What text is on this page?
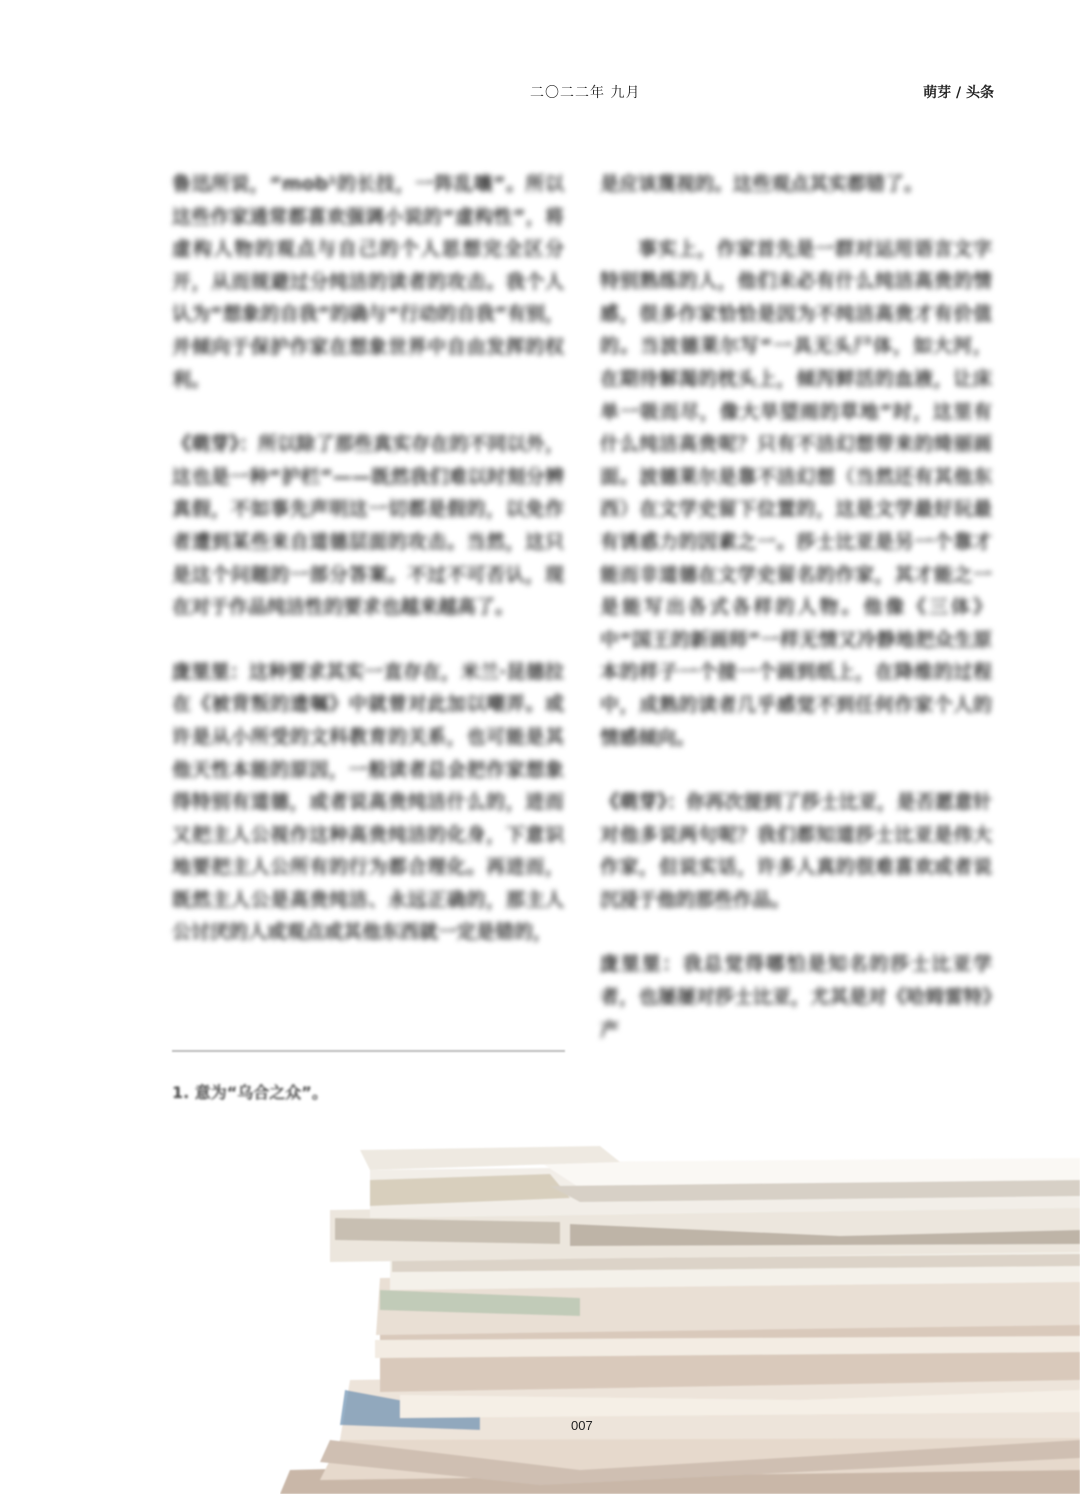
二〇二二年 九月	萌芽 / 头条

鲁迅所说，“mob¹的长技，一阵乱嚷”。所以这些作家通常都喜欢强调小说的“虚构性”，将虚构人物的观点与自己的个人思想完全区分开，从而规避过分纯洁的读者的攻击。我个人认为“想象的自我”的确与“行动的自我”有别，并倾向于保护作家在想象世界中自由发挥的权利。

《萌芽》：所以除了那些真实存在的不同以外，这也是一种“护栏”——既然我们难以时刻分辨真假，不如事先声明这一切都是假的，以免作者遭到某些来自道德层面的攻击。当然，这只是这个问题的一部分答案。不过不可否认，现在对于作品纯洁性的要求也越来越高了。

庞里里：这种要求其实一直存在，米兰·昆德拉在《被背叛的遗嘱》中就曾对此加以嘲弄。或许是从小所受的文科教育的关系，也可能是其他天性本能的原因，一般读者总会把作家想象得特别有道德，或者说高贵纯洁什么的，进而又把主人公视作这种高贵纯洁的化身，下意识地要把主人公所有的行为都合理化。再进而，既然主人公是高贵纯洁、永远正确的，那主人公讨厌的人或观点或其他东西就一定是错的，

是应该蔑视的。这些观点其实都错了。

事实上，作家首先是一群对运用语言文字特别熟练的人，他们未必有什么纯洁高贵的情感，很多作家恰恰是因为不纯洁高贵才有价值的。当波德莱尔写“一具无头尸体，如大河，在期待解渴的枕头上，倾泻鲜活的血液，让床单一吸而尽，像大旱望雨的草地”时，这里有什么纯洁高贵呢？只有不洁幻想带来的绮丽画面。波德莱尔是靠不洁幻想（当然还有其他东西）在文学史留下位置的，这是文学最好玩最有诱惑力的因素之一。莎士比亚是另一个靠才能而非道德在文学史留名的作家，其才能之一是能写出各式各样的人物。他像《三体》中“国王的新画师”一样无情又冷静地把众生原本的样子一个接一个画到纸上，在降维的过程中，成熟的读者几乎感觉不到任何作家个人的情感倾向。

《萌芽》：你再次提到了莎士比亚，是否愿意针对他多说两句呢？我们都知道莎士比亚是伟大作家，但说实话，许多人真的很难喜欢或者说沉浸于他的那些作品。

庞里里：我总觉得哪怕是知名的莎士比亚学者，也屡屡对莎士比亚，尤其是对《哈姆雷特》产

1. 意为“乌合之众”。
007
